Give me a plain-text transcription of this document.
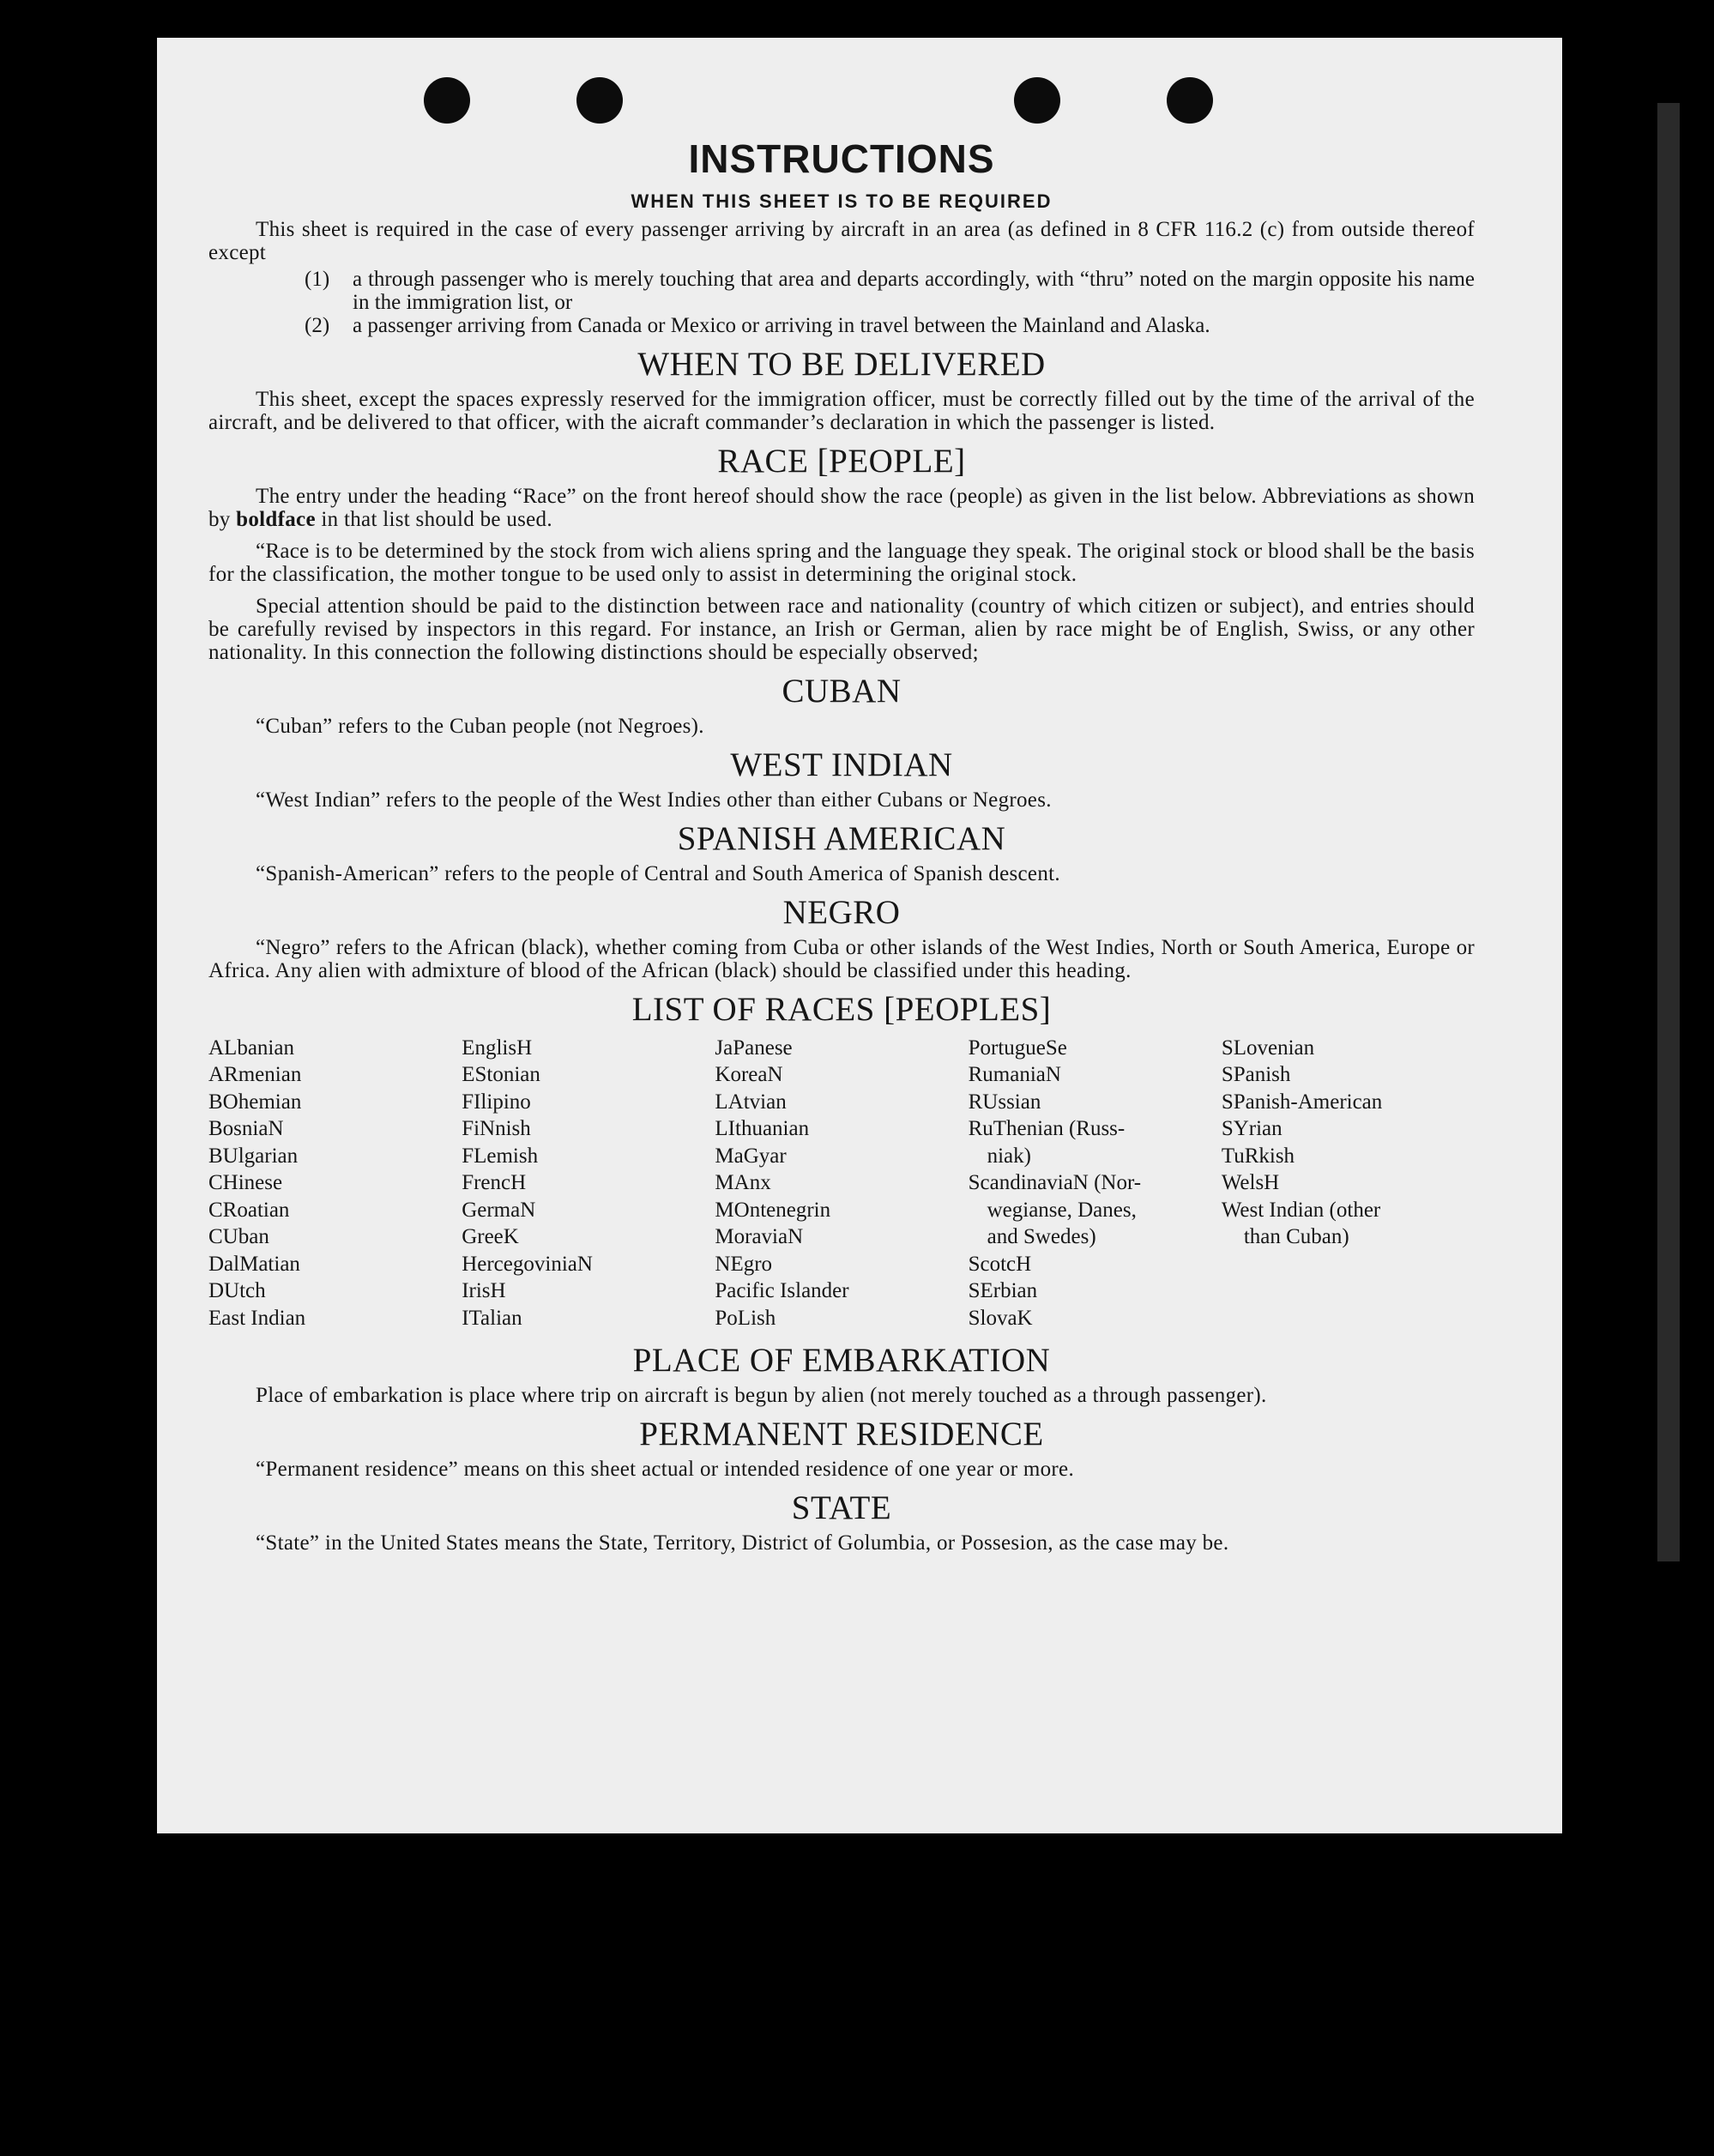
INSTRUCTIONS
WHEN THIS SHEET IS TO BE REQUIRED

This sheet is required in the case of every passenger arriving by aircraft in an area (as defined in 8 CFR 116.2 (c) from outside thereof except

(1)	a through passenger who is merely touching that area and departs accordingly, with “thru” noted on the margin opposite his name in the immigration list, or
(2)	a passenger arriving from Canada or Mexico or arriving in travel between the Mainland and Alaska.
WHEN TO BE DELIVERED

This sheet, except the spaces expressly reserved for the immigration officer, must be correctly filled out by the time of the arrival of the aircraft, and be delivered to that officer, with the aicraft commander’s declaration in which the passenger is listed.

RACE [PEOPLE]

The entry under the heading “Race” on the front hereof should show the race (people) as given in the list below. Abbreviations as shown by boldface in that list should be used.

“Race is to be determined by the stock from wich aliens spring and the language they speak. The original stock or blood shall be the basis for the classification, the mother tongue to be used only to assist in determining the original stock.

Special attention should be paid to the distinction between race and nationality (country of which citizen or subject), and entries should be carefully revised by inspectors in this regard. For instance, an Irish or German, alien by race might be of English, Swiss, or any other nationality. In this connection the following distinctions should be especially observed;

CUBAN

“Cuban” refers to the Cuban people (not Negroes).

WEST INDIAN

“West Indian” refers to the people of the West Indies other than either Cubans or Negroes.

SPANISH AMERICAN

“Spanish-American” refers to the people of Central and South America of Spanish descent.

NEGRO

“Negro” refers to the African (black), whether coming from Cuba or other islands of the West Indies, North or South America, Europe or Africa. Any alien with admixture of blood of the African (black) should be classified under this heading.

LIST OF RACES [PEOPLES]
ALbanian
ARmenian
BOhemian
BosniaN
BUlgarian
CHinese
CRoatian
CUban
DalMatian
DUtch
East Indian
EnglisH
EStonian
FIlipino
FiNnish
FLemish
FrencH
GermaN
GreeK
HercegoviniaN
IrisH
ITalian
JaPanese
KoreaN
LAtvian
LIthuanian
MaGyar
MAnx
MOntenegrin
MoraviaN
NEgro
Pacific Islander
PoLish
PortugueSe
RumaniaN
RUssian
RuThenian (Russ-
niak)
ScandinaviaN (Nor-
wegianse, Danes,
and Swedes)
ScotcH
SErbian
SlovaK
SLovenian
SPanish
SPanish-American
SYrian
TuRkish
WelsH
West Indian (other
than Cuban)
PLACE OF EMBARKATION

Place of embarkation is place where trip on aircraft is begun by alien (not merely touched as a through passenger).

PERMANENT RESIDENCE

“Permanent residence” means on this sheet actual or intended residence of one year or more.

STATE

“State” in the United States means the State, Territory, District of Golumbia, or Possesion, as the case may be.
